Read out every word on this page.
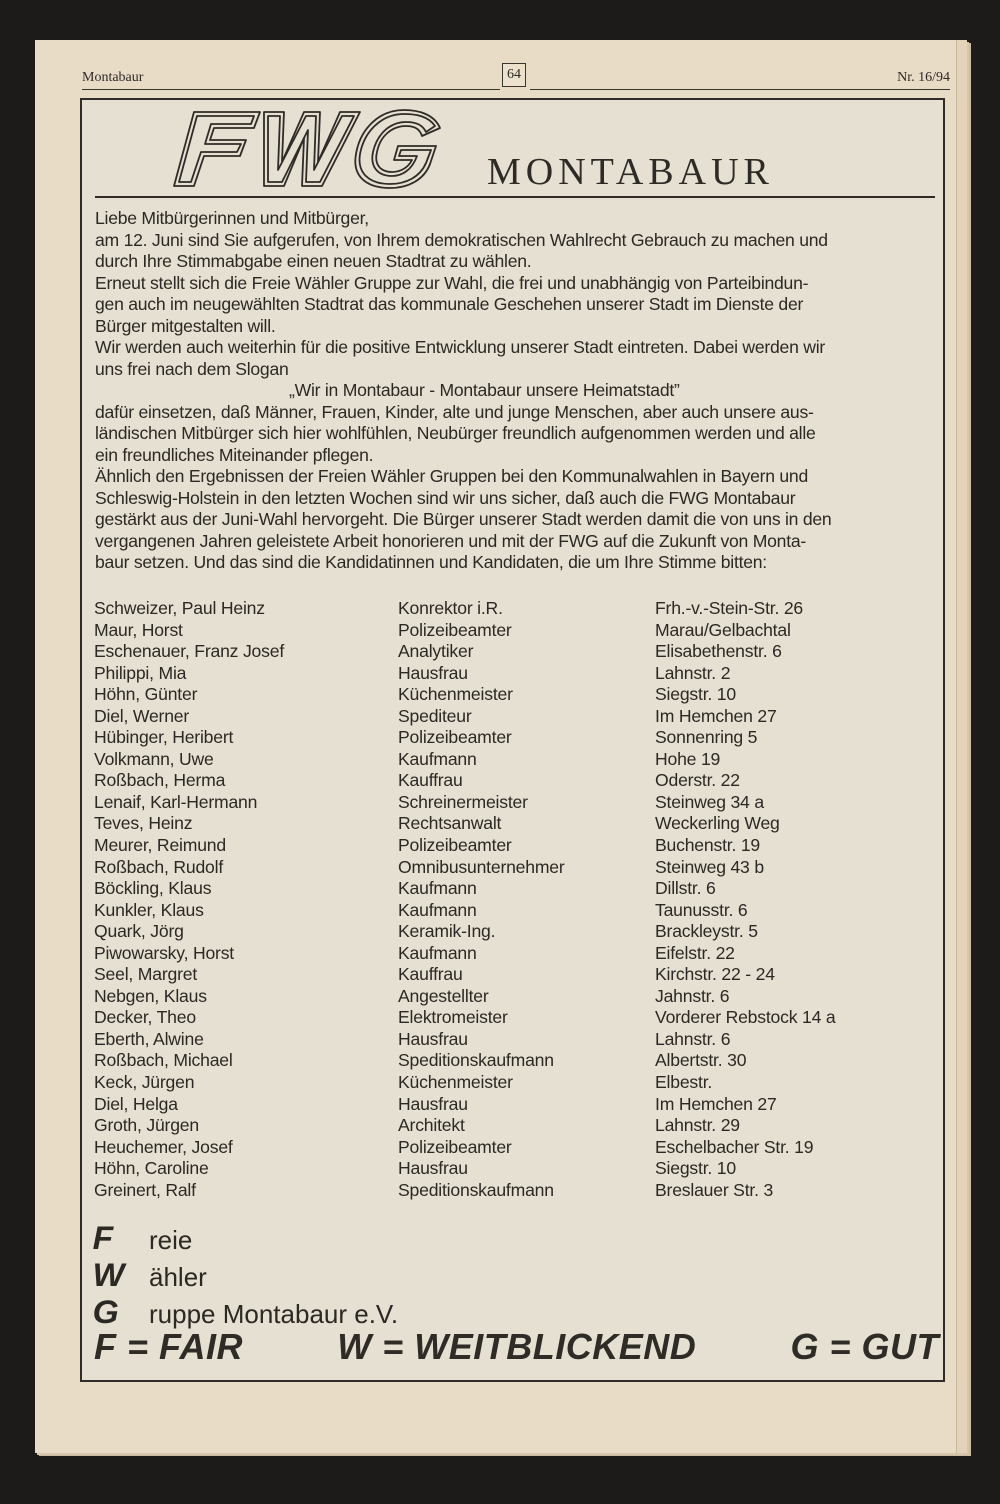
Montabaur	64	Nr. 16/94
MONTABAUR

Liebe Mitbürgerinnen und Mitbürger,

am 12. Juni sind Sie aufgerufen, von Ihrem demokratischen Wahlrecht Gebrauch zu machen und

durch Ihre Stimmabgabe einen neuen Stadtrat zu wählen.

Erneut stellt sich die Freie Wähler Gruppe zur Wahl, die frei und unabhängig von Parteibindun-

gen auch im neugewählten Stadtrat das kommunale Geschehen unserer Stadt im Dienste der

Bürger mitgestalten will.

Wir werden auch weiterhin für die positive Entwicklung unserer Stadt eintreten. Dabei werden wir

uns frei nach dem Slogan

„Wir in Montabaur - Montabaur unsere Heimatstadt”

dafür einsetzen, daß Männer, Frauen, Kinder, alte und junge Menschen, aber auch unsere aus-

ländischen Mitbürger sich hier wohlfühlen, Neubürger freundlich aufgenommen werden und alle

ein freundliches Miteinander pflegen.

Ähnlich den Ergebnissen der Freien Wähler Gruppen bei den Kommunalwahlen in Bayern und

Schleswig-Holstein in den letzten Wochen sind wir uns sicher, daß auch die FWG Montabaur

gestärkt aus der Juni-Wahl hervorgeht. Die Bürger unserer Stadt werden damit die von uns in den

vergangenen Jahren geleistete Arbeit honorieren und mit der FWG auf die Zukunft von Monta-

baur setzen. Und das sind die Kandidatinnen und Kandidaten, die um Ihre Stimme bitten:

Schweizer, Paul Heinz	Konrektor i.R.	Frh.-v.-Stein-Str. 26
Maur, Horst	Polizeibeamter	Marau/Gelbachtal
Eschenauer, Franz Josef	Analytiker	Elisabethenstr. 6
Philippi, Mia	Hausfrau	Lahnstr. 2
Höhn, Günter	Küchenmeister	Siegstr. 10
Diel, Werner	Spediteur	Im Hemchen 27
Hübinger, Heribert	Polizeibeamter	Sonnenring 5
Volkmann, Uwe	Kaufmann	Hohe 19
Roßbach, Herma	Kauffrau	Oderstr. 22
Lenaif, Karl-Hermann	Schreinermeister	Steinweg 34 a
Teves, Heinz	Rechtsanwalt	Weckerling Weg
Meurer, Reimund	Polizeibeamter	Buchenstr. 19
Roßbach, Rudolf	Omnibusunternehmer	Steinweg 43 b
Böckling, Klaus	Kaufmann	Dillstr. 6
Kunkler, Klaus	Kaufmann	Taunusstr. 6
Quark, Jörg	Keramik-Ing.	Brackleystr. 5
Piwowarsky, Horst	Kaufmann	Eifelstr. 22
Seel, Margret	Kauffrau	Kirchstr. 22 - 24
Nebgen, Klaus	Angestellter	Jahnstr. 6
Decker, Theo	Elektromeister	Vorderer Rebstock 14 a
Eberth, Alwine	Hausfrau	Lahnstr. 6
Roßbach, Michael	Speditionskaufmann	Albertstr. 30
Keck, Jürgen	Küchenmeister	Elbestr.
Diel, Helga	Hausfrau	Im Hemchen 27
Groth, Jürgen	Architekt	Lahnstr. 29
Heuchemer, Josef	Polizeibeamter	Eschelbacher Str. 19
Höhn, Caroline	Hausfrau	Siegstr. 10
Greinert, Ralf	Speditionskaufmann	Breslauer Str. 3
F	reie
W ähler
G	ruppe Montabaur e.V.
F = FAIR	W = WEITBLICKEND	G = GUT
